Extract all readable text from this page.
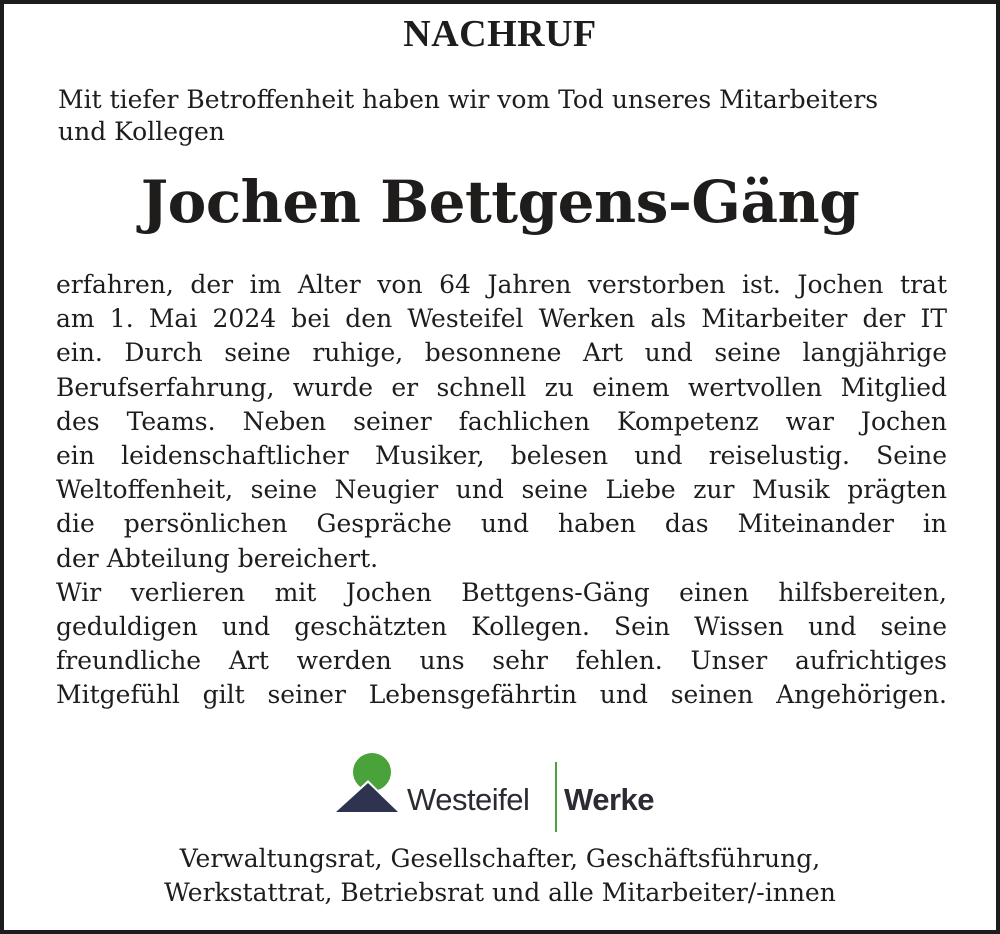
NACHRUF
Mit tiefer Betroffenheit haben wir vom Tod unseres Mitarbeiters
und Kollegen
Jochen Bettgens-Gäng
erfahren, der im Alter von 64 Jahren verstorben ist. Jochen trat
am 1. Mai 2024 bei den Westeifel Werken als Mitarbeiter der IT
ein. Durch seine ruhige, besonnene Art und seine langjährige
Berufserfahrung, wurde er schnell zu einem wertvollen Mitglied
des Teams. Neben seiner fachlichen Kompetenz war Jochen
ein leidenschaftlicher Musiker, belesen und reiselustig. Seine
Weltoffenheit, seine Neugier und seine Liebe zur Musik prägten
die persönlichen Gespräche und haben das Miteinander in
der Abteilung bereichert.
Wir verlieren mit Jochen Bettgens-Gäng einen hilfsbereiten,
geduldigen und geschätzten Kollegen. Sein Wissen und seine
freundliche Art werden uns sehr fehlen. Unser aufrichtiges
Mitgefühl gilt seiner Lebensgefährtin und seinen Angehörigen.
Westeifel Werke
Verwaltungsrat, Gesellschafter, Geschäftsführung,
Werkstattrat, Betriebsrat und alle Mitarbeiter/-innen
